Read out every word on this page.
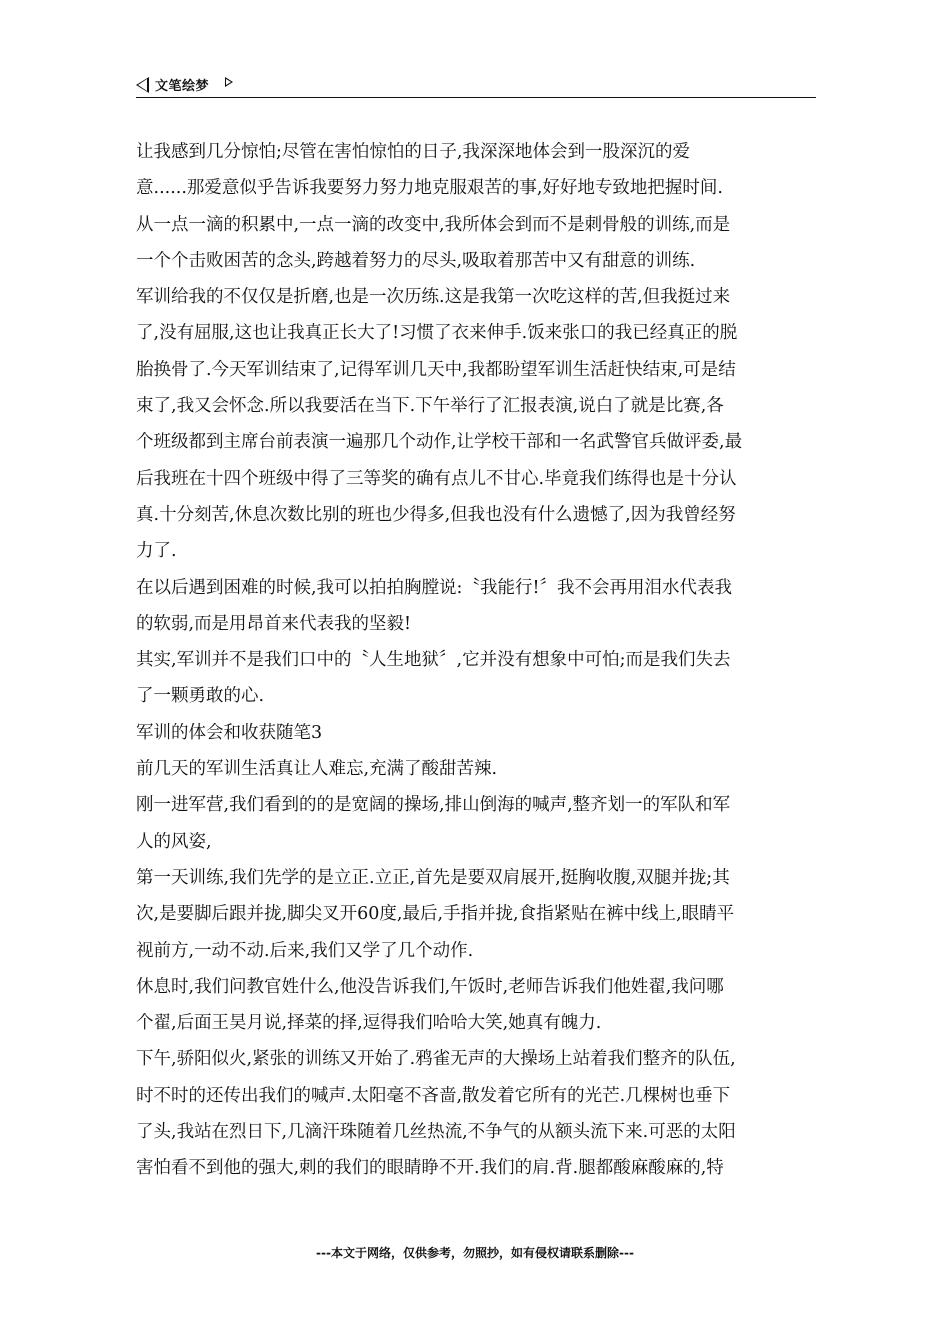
文笔绘梦
让我感到几分惊怕;尽管在害怕惊怕的日子,我深深地体会到一股深沉的爱
意......那爱意似乎告诉我要努力努力地克服艰苦的事,好好地专致地把握时间.
从一点一滴的积累中,一点一滴的改变中,我所体会到而不是刺骨般的训练,而是
一个个击败困苦的念头,跨越着努力的尽头,吸取着那苦中又有甜意的训练.
军训给我的不仅仅是折磨,也是一次历练.这是我第一次吃这样的苦,但我挺过来
了,没有屈服,这也让我真正长大了!习惯了衣来伸手.饭来张口的我已经真正的脱
胎换骨了.今天军训结束了,记得军训几天中,我都盼望军训生活赶快结束,可是结
束了,我又会怀念.所以我要活在当下.下午举行了汇报表演,说白了就是比赛,各
个班级都到主席台前表演一遍那几个动作,让学校干部和一名武警官兵做评委,最
后我班在十四个班级中得了三等奖的确有点儿不甘心.毕竟我们练得也是十分认
真.十分刻苦,休息次数比别的班也少得多,但我也没有什么遗憾了,因为我曾经努
力了.
在以后遇到困难的时候,我可以拍拍胸膛说:〝我能行!〞我不会再用泪水代表我
的软弱,而是用昂首来代表我的坚毅!
其实,军训并不是我们口中的〝人生地狱〞,它并没有想象中可怕;而是我们失去
了一颗勇敢的心.
军训的体会和收获随笔3
前几天的军训生活真让人难忘,充满了酸甜苦辣.
刚一进军营,我们看到的的是宽阔的操场,排山倒海的喊声,整齐划一的军队和军
人的风姿,
第一天训练,我们先学的是立正.立正,首先是要双肩展开,挺胸收腹,双腿并拢;其
次,是要脚后跟并拢,脚尖叉开60度,最后,手指并拢,食指紧贴在裤中线上,眼睛平
视前方,一动不动.后来,我们又学了几个动作.
休息时,我们问教官姓什么,他没告诉我们,午饭时,老师告诉我们他姓翟,我问哪
个翟,后面王昊月说,择菜的择,逗得我们哈哈大笑,她真有魄力.
下午,骄阳似火,紧张的训练又开始了.鸦雀无声的大操场上站着我们整齐的队伍,
时不时的还传出我们的喊声.太阳毫不吝啬,散发着它所有的光芒.几棵树也垂下
了头,我站在烈日下,几滴汗珠随着几丝热流,不争气的从额头流下来.可恶的太阳
害怕看不到他的强大,刺的我们的眼睛睁不开.我们的肩.背.腿都酸麻酸麻的,特
---本文于网络，仅供参考，勿照抄，如有侵权请联系删除---
